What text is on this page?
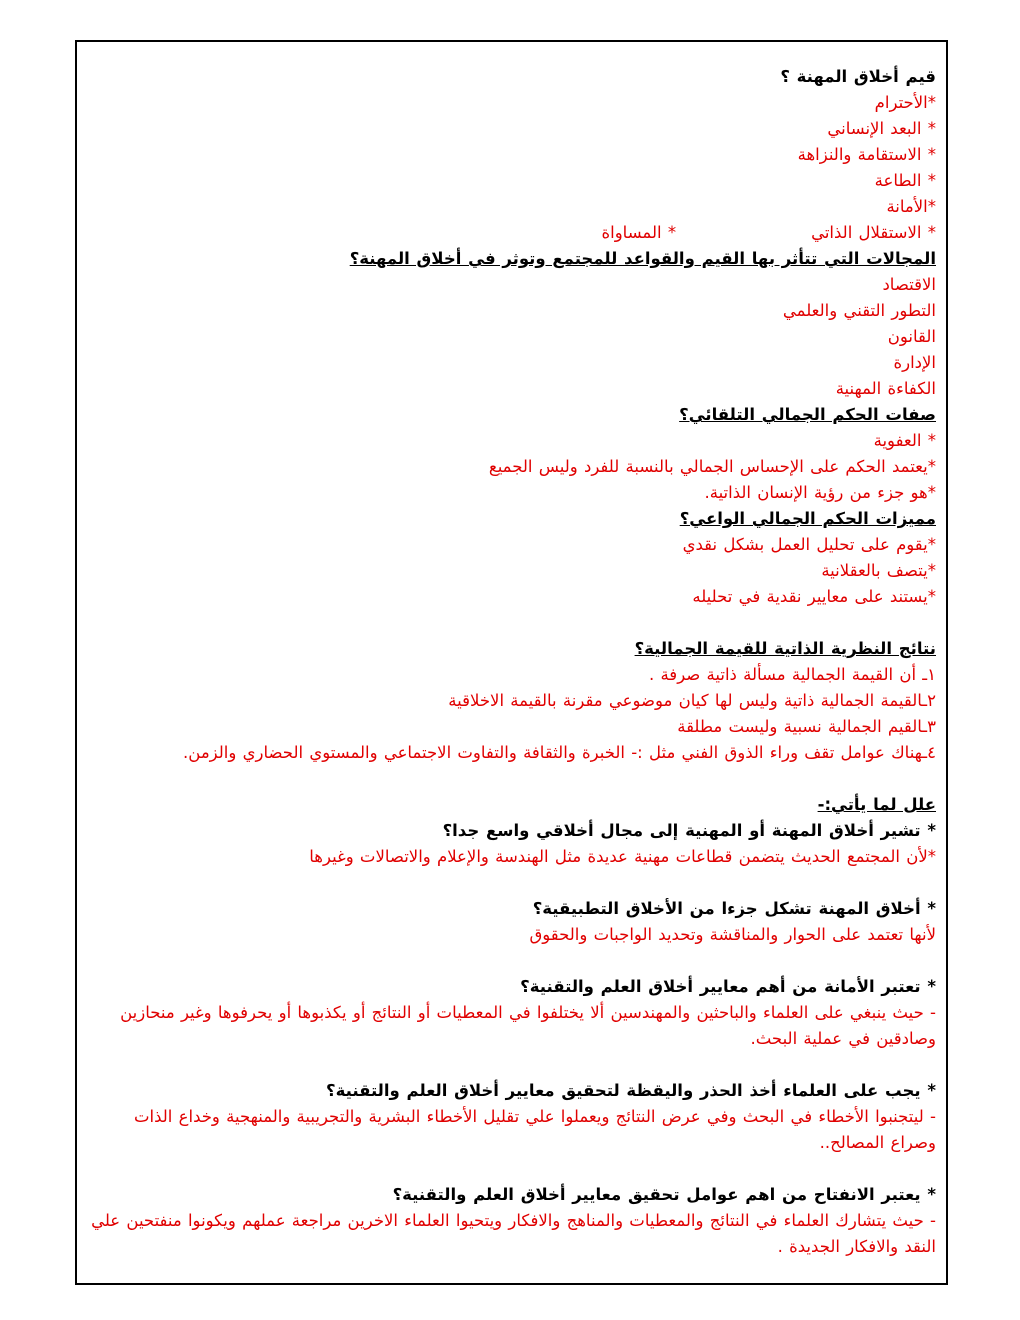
قيم أخلاق المهنة ؟
*الأحترام
* البعد الإنساني
* الاستقامة والنزاهة
* الطاعة
*الأمانة
* الاستقلال الذاتي
* المساواة
المجالات التي تتأثر بها القيم والقواعد للمجتمع وتوثر في أخلاق المهنة؟
الاقتصاد
التطور التقني والعلمي
القانون
الإدارة
الكفاءة المهنية
صفات الحكم الجمالي التلقائي؟
* العفوية
*يعتمد الحكم على الإحساس الجمالي بالنسبة للفرد وليس الجميع
*هو جزء من رؤية الإنسان الذاتية.
مميزات الحكم الجمالي الواعي؟
*يقوم على تحليل العمل بشكل نقدي
*يتصف بالعقلانية
*يستند على معايير نقدية في تحليله
نتائج النظرية الذاتية للقيمة الجمالية؟
١ـ أن القيمة الجمالية مسألة ذاتية صرفة .
٢ـالقيمة الجمالية ذاتية وليس لها كيان موضوعي مقرنة بالقيمة الاخلاقية
٣ـالقيم الجمالية نسبية وليست مطلقة
٤ـهناك عوامل تقف وراء الذوق الفني مثل :- الخبرة والثقافة والتفاوت الاجتماعي والمستوي الحضاري والزمن.
علل لما يأتي:-
* تشير أخلاق المهنة أو المهنية إلى مجال أخلاقي واسع جدا؟
*لأن المجتمع الحديث يتضمن قطاعات مهنية عديدة مثل الهندسة والإعلام والاتصالات وغيرها
* أخلاق المهنة تشكل جزءا من الأخلاق التطبيقية؟
لأنها تعتمد على الحوار والمناقشة وتحديد الواجبات والحقوق
* تعتبر الأمانة من أهم معايير أخلاق العلم والتقنية؟
- حيث ينبغي على العلماء والباحثين والمهندسين ألا يختلفوا في المعطيات أو النتائج أو يكذبوها أو يحرفوها وغير منحازين وصادقين في عملية البحث.
* يجب على العلماء أخذ الحذر واليقظة لتحقيق معايير أخلاق العلم والتقنية؟
- ليتجنبوا الأخطاء في البحث وفي عرض النتائج ويعملوا علي تقليل الأخطاء البشرية والتجريبية والمنهجية وخداع الذات وصراع المصالح..
* يعتبر الانفتاح من اهم عوامل تحقيق معايير أخلاق العلم والتقنية؟
- حيث يتشارك العلماء في النتائج والمعطيات والمناهج والافكار ويتحيوا العلماء الاخرين مراجعة عملهم ويكونوا منفتحين علي النقد والافكار الجديدة .
